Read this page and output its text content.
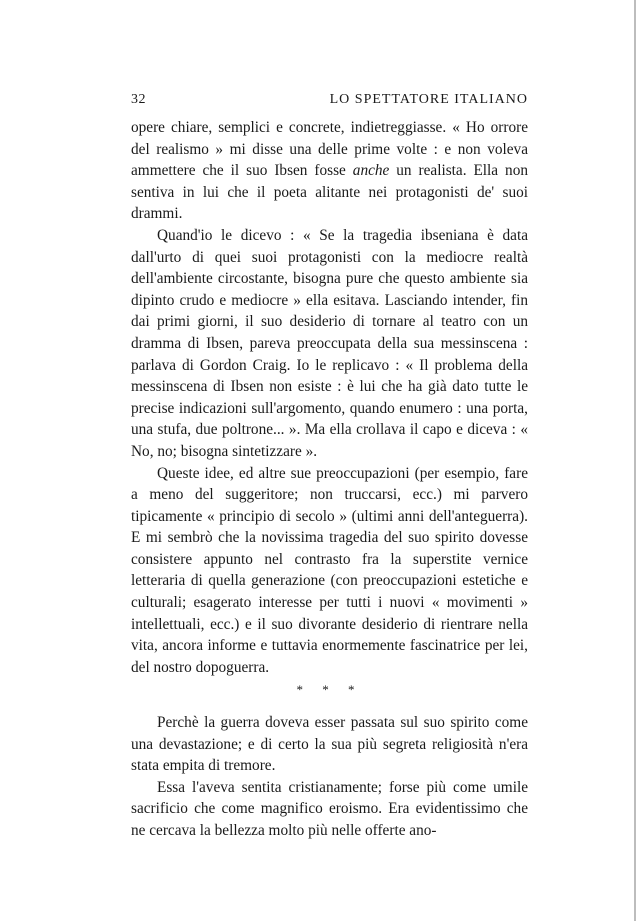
32	LO SPETTATORE ITALIANO

opere chiare, semplici e concrete, indietreggiasse. « Ho orrore del realismo » mi disse una delle prime volte : e non voleva ammettere che il suo Ibsen fosse anche un realista. Ella non sentiva in lui che il poeta alitante nei protagonisti de' suoi drammi.

Quand'io le dicevo : « Se la tragedia ibseniana è data dall'urto di quei suoi protagonisti con la mediocre realtà dell'ambiente circostante, bisogna pure che questo ambiente sia dipinto crudo e mediocre » ella esitava. Lasciando intender, fin dai primi giorni, il suo desiderio di tornare al teatro con un dramma di Ibsen, pareva preoccupata della sua messinscena : parlava di Gordon Craig. Io le replicavo : « Il problema della messinscena di Ibsen non esiste : è lui che ha già dato tutte le precise indicazioni sull'argomento, quando enumero : una porta, una stufa, due poltrone... ». Ma ella crollava il capo e diceva : « No, no; bisogna sintetizzare ».

Queste idee, ed altre sue preoccupazioni (per esempio, fare a meno del suggeritore; non truccarsi, ecc.) mi parvero tipicamente « principio di secolo » (ultimi anni dell'anteguerra). E mi sembrò che la novissima tragedia del suo spirito dovesse consistere appunto nel contrasto fra la superstite vernice letteraria di quella generazione (con preoccupazioni estetiche e culturali; esagerato interesse per tutti i nuovi « movimenti » intellettuali, ecc.) e il suo divorante desiderio di rientrare nella vita, ancora informe e tuttavia enormemente fascinatrice per lei, del nostro dopoguerra.

* * *

Perchè la guerra doveva esser passata sul suo spirito come una devastazione; e di certo la sua più segreta religiosità n'era stata empita di tremore.

Essa l'aveva sentita cristianamente; forse più come umile sacrificio che come magnifico eroismo. Era evidentissimo che ne cercava la bellezza molto più nelle offerte ano-
